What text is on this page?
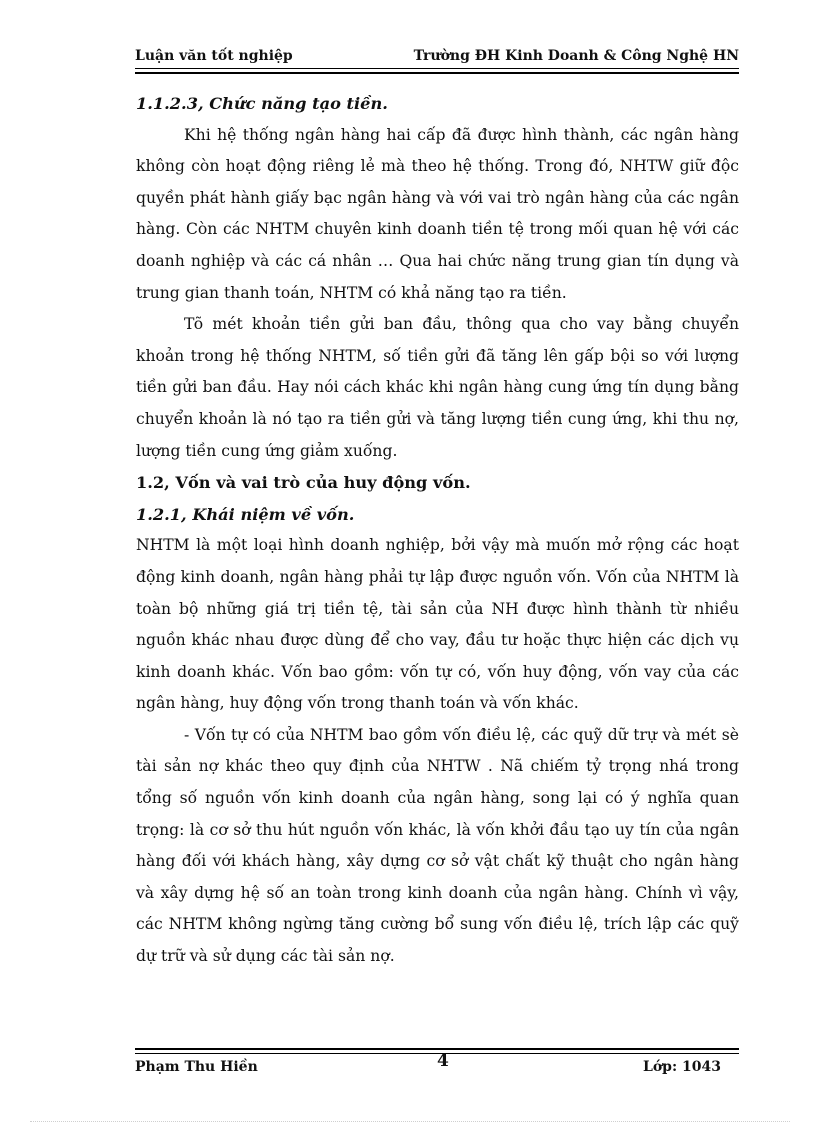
Luận văn tốt nghiệp	Trường ĐH Kinh Doanh & Công Nghệ HN

1.1.2.3, Chức năng tạo tiền.

Khi hệ thống ngân hàng hai cấp đã được hình thành, các ngân hàng không còn hoạt động riêng lẻ mà theo hệ thống. Trong đó, NHTW giữ độc quyền phát hành giấy bạc ngân hàng và với vai trò ngân hàng của các ngân hàng. Còn các NHTM chuyên kinh doanh tiền tệ trong mối quan hệ với các doanh nghiệp và các cá nhân … Qua hai chức năng trung gian tín dụng và trung gian thanh toán, NHTM có khả năng tạo ra tiền.

Tõ mét khoản tiền gửi ban đầu, thông qua cho vay bằng chuyển khoản trong hệ thống NHTM, số tiền gửi đã tăng lên gấp bội so với lượng tiền gửi ban đầu. Hay nói cách khác khi ngân hàng cung ứng tín dụng bằng chuyển khoản là nó tạo ra tiền gửi và tăng lượng tiền cung ứng, khi thu nợ, lượng tiền cung ứng giảm xuống.

1.2, Vốn và vai trò của huy động vốn.

1.2.1, Khái niệm về vốn.

NHTM là một loại hình doanh nghiệp, bởi vậy mà muốn mở rộng các hoạt động kinh doanh, ngân hàng phải tự lập được nguồn vốn. Vốn của NHTM là toàn bộ những giá trị tiền tệ, tài sản của NH được hình thành từ nhiều nguồn khác nhau được dùng để cho vay, đầu tư hoặc thực hiện các dịch vụ kinh doanh khác. Vốn bao gồm: vốn tự có, vốn huy động, vốn vay của các ngân hàng, huy động vốn trong thanh toán và vốn khác.

- Vốn tự có của NHTM bao gồm vốn điều lệ, các quỹ dữ trự và mét sè tài sản nợ khác theo quy định của NHTW . Nã chiếm tỷ trọng nhá trong tổng số nguồn vốn kinh doanh của ngân hàng, song lại có ý nghĩa quan trọng: là cơ sở thu hút nguồn vốn khác, là vốn khởi đầu tạo uy tín của ngân hàng đối với khách hàng, xây dựng cơ sở vật chất kỹ thuật cho ngân hàng và xây dựng hệ số an toàn trong kinh doanh của ngân hàng. Chính vì vậy, các NHTM không ngừng tăng cường bổ sung vốn điều lệ, trích lập các quỹ dự trữ và sử dụng các tài sản nợ.

Phạm Thu Hiền	4	Lớp: 1043
